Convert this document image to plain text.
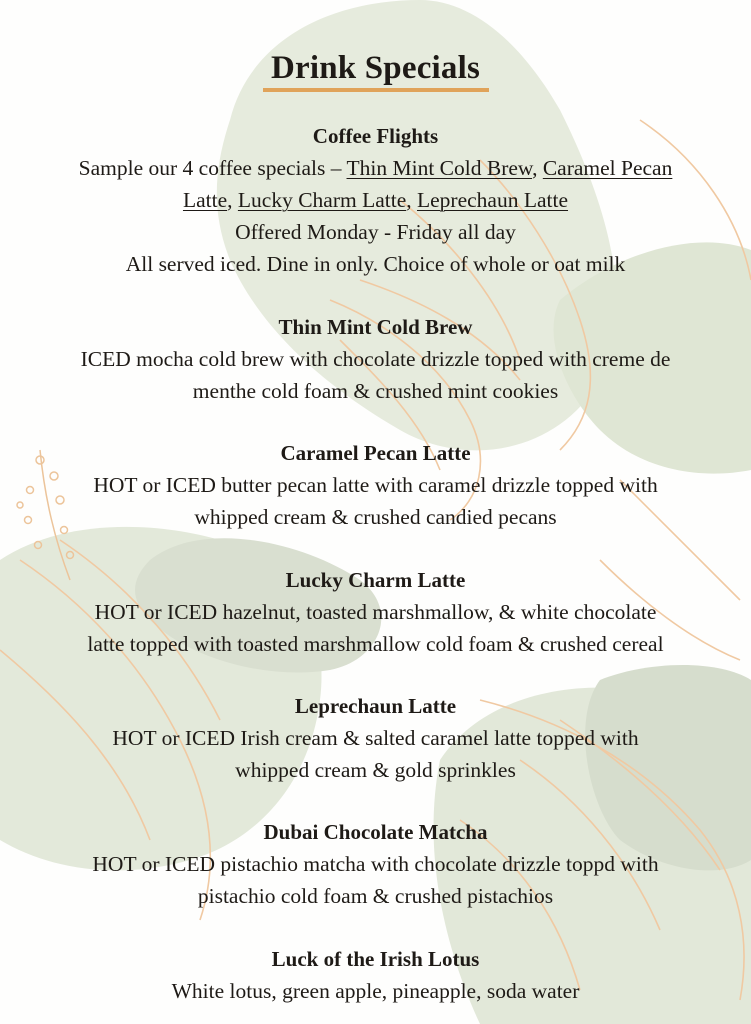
Drink Specials

Coffee Flights

Sample our 4 coffee specials – Thin Mint Cold Brew, Caramel Pecan

Latte, Lucky Charm Latte, Leprechaun Latte

Offered Monday - Friday all day

All served iced. Dine in only. Choice of whole or oat milk

Thin Mint Cold Brew

ICED mocha cold brew with chocolate drizzle topped with creme de

menthe cold foam & crushed mint cookies

Caramel Pecan Latte

HOT or ICED butter pecan latte with caramel drizzle topped with

whipped cream & crushed candied pecans

Lucky Charm Latte

HOT or ICED hazelnut, toasted marshmallow, & white chocolate

latte topped with toasted marshmallow cold foam & crushed cereal

Leprechaun Latte

HOT or ICED Irish cream & salted caramel latte topped with

whipped cream & gold sprinkles

Dubai Chocolate Matcha

HOT or ICED pistachio matcha with chocolate drizzle toppd with

pistachio cold foam & crushed pistachios

Luck of the Irish Lotus

White lotus, green apple, pineapple, soda water
